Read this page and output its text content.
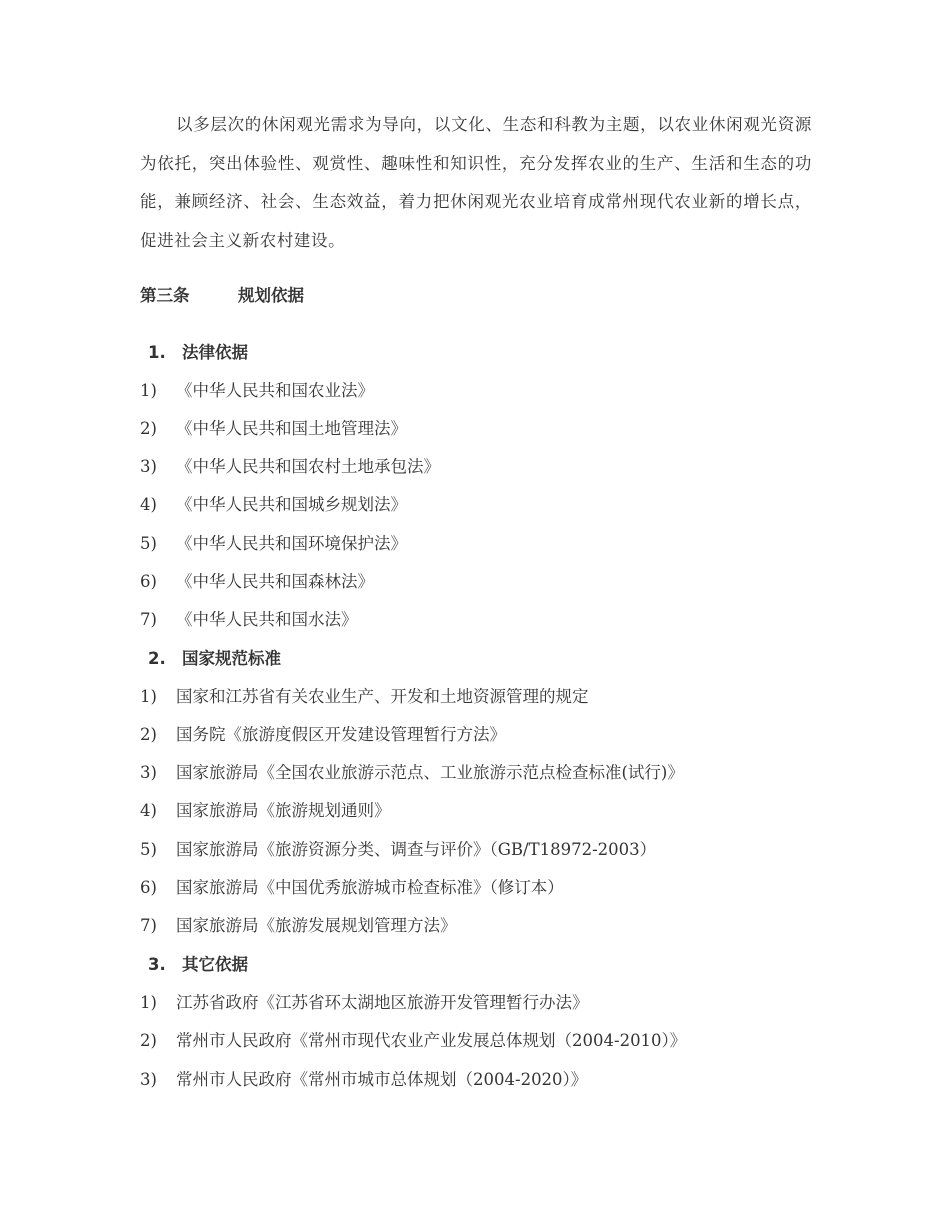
以多层次的休闲观光需求为导向，以文化、生态和科教为主题，以农业休闲观光资源为依托，突出体验性、观赏性、趣味性和知识性，充分发挥农业的生产、生活和生态的功能，兼顾经济、社会、生态效益，着力把休闲观光农业培育成常州现代农业新的增长点，促进社会主义新农村建设。

第三条	规划依据
1. 法律依据
1) 《中华人民共和国农业法》
2) 《中华人民共和国土地管理法》
3) 《中华人民共和国农村土地承包法》
4) 《中华人民共和国城乡规划法》
5) 《中华人民共和国环境保护法》
6) 《中华人民共和国森林法》
7) 《中华人民共和国水法》
2. 国家规范标准
1) 国家和江苏省有关农业生产、开发和土地资源管理的规定
2) 国务院《旅游度假区开发建设管理暂行方法》
3) 国家旅游局《全国农业旅游示范点、工业旅游示范点检查标准(试行)》
4) 国家旅游局《旅游规划通则》
5) 国家旅游局《旅游资源分类、调查与评价》（GB/T18972-2003）
6) 国家旅游局《中国优秀旅游城市检查标准》（修订本）
7) 国家旅游局《旅游发展规划管理方法》
3. 其它依据
1) 江苏省政府《江苏省环太湖地区旅游开发管理暂行办法》
2) 常州市人民政府《常州市现代农业产业发展总体规划（2004-2010）》
3) 常州市人民政府《常州市城市总体规划（2004-2020）》
